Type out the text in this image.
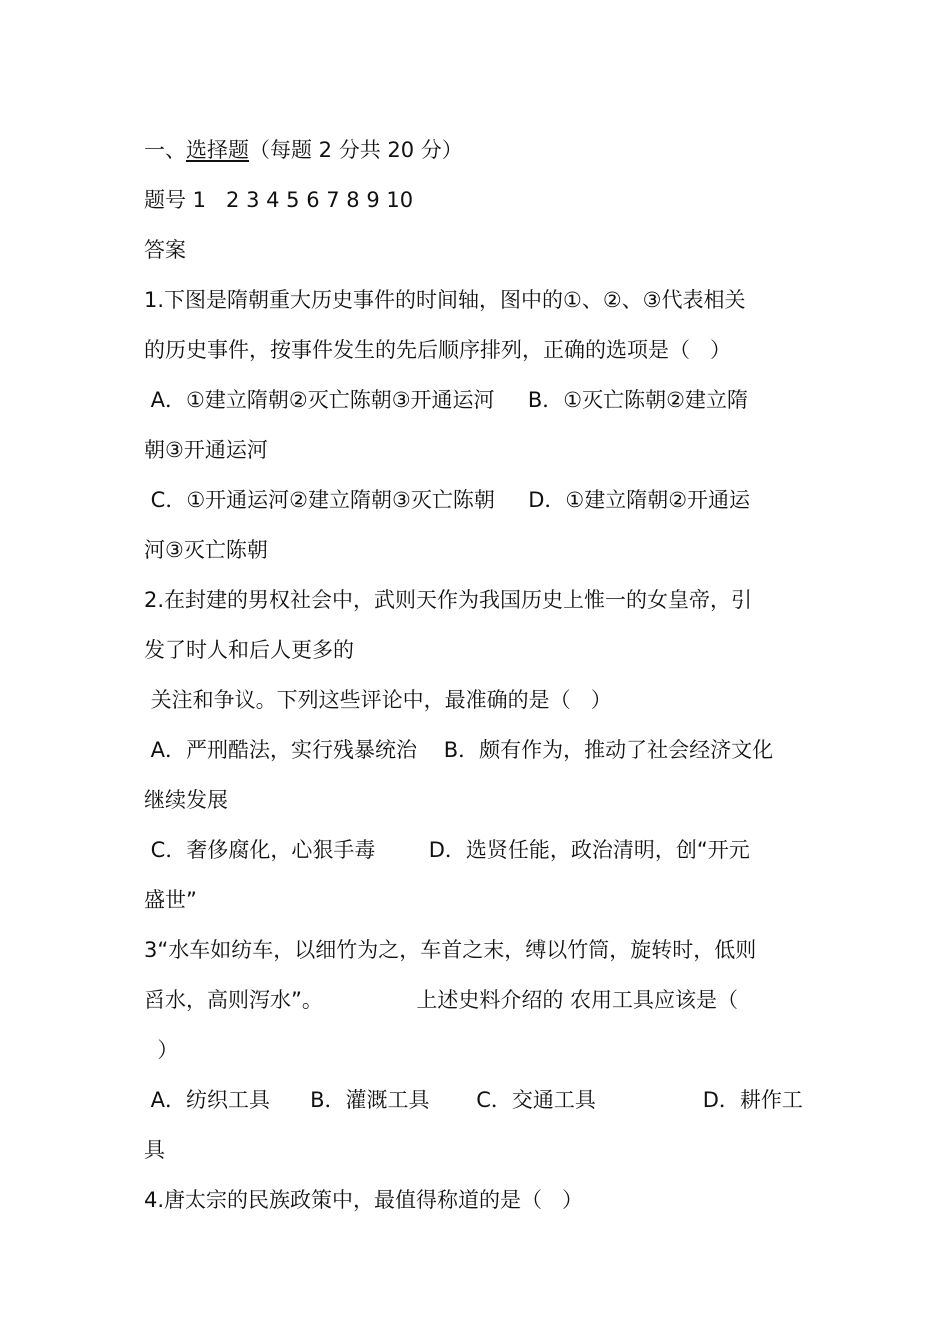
一、选择题（每题 2 分共 20 分）
题号 1   2 3 4 5 6 7 8 9 10
答案
1.下图是隋朝重大历史事件的时间轴，图中的①、②、③代表相关
的历史事件，按事件发生的先后顺序排列，正确的选项是（   ）
A．①建立隋朝②灭亡陈朝③开通运河     B．①灭亡陈朝②建立隋
朝③开通运河
C．①开通运河②建立隋朝③灭亡陈朝     D．①建立隋朝②开通运
河③灭亡陈朝
2.在封建的男权社会中，武则天作为我国历史上惟一的女皇帝，引
发了时人和后人更多的
关注和争议。下列这些评论中，最准确的是（   ）
A．严刑酷法，实行残暴统治    B．颇有作为，推动了社会经济文化
继续发展
C．奢侈腐化，心狠手毒        D．选贤任能，政治清明，创“开元
盛世”
3“水车如纺车，以细竹为之，车首之末，缚以竹筒，旋转时，低则
舀水，高则泻水”。              上述史料介绍的 农用工具应该是（
）
A．纺织工具      B．灌溉工具       C．交通工具                D．耕作工
具
4.唐太宗的民族政策中，最值得称道的是（   ）
